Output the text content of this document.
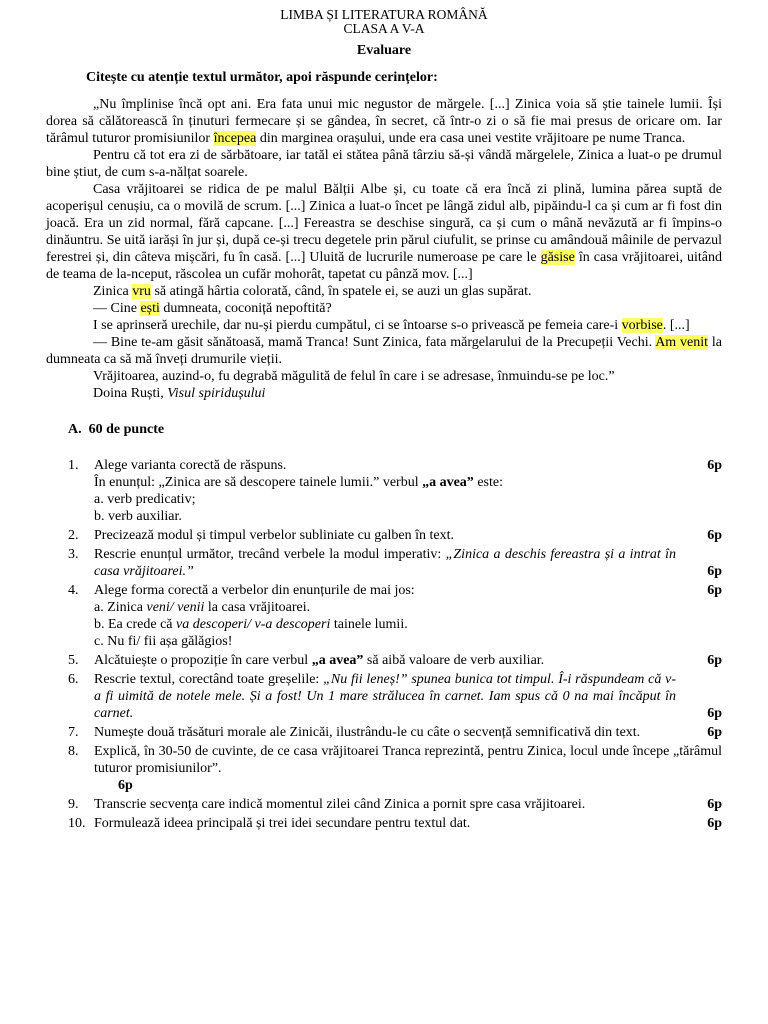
LIMBA ȘI LITERATURA ROMÂNĂ
CLASA A V-A
Evaluare
Citește cu atenție textul următor, apoi răspunde cerințelor:

„Nu împlinise încă opt ani. Era fata unui mic negustor de mărgele. [...] Zinica voia să știe tainele lumii. Își dorea să călătorească în ținuturi fermecare și se gândea, în secret, că într-o zi o să fie mai presus de oricare om. Iar tărâmul tuturor promisiunilor începea din marginea orașului, unde era casa unei vestite vrăjitoare pe nume Tranca.

Pentru că tot era zi de sărbătoare, iar tatăl ei stătea până târziu să-și vândă mărgelele, Zinica a luat-o pe drumul bine știut, de cum s-a-nălțat soarele.

Casa vrăjitoarei se ridica de pe malul Bălții Albe și, cu toate că era încă zi plină, lumina părea suptă de acoperișul cenușiu, ca o movilă de scrum. [...] Zinica a luat-o încet pe lângă zidul alb, pipăindu-l ca și cum ar fi fost din joacă. Era un zid normal, fără capcane. [...] Fereastra se deschise singură, ca și cum o mână nevăzută ar fi împins-o dinăuntru. Se uită iarăși în jur și, după ce-și trecu degetele prin părul ciufulit, se prinse cu amândouă mâinile de pervazul ferestrei și, din câteva mișcări, fu în casă. [...] Uluită de lucrurile numeroase pe care le găsise în casa vrăjitoarei, uitând de teama de la-nceput, răscolea un cufăr mohorât, tapetat cu pânză mov. [...]

Zinica vru să atingă hârtia colorată, când, în spatele ei, se auzi un glas supărat.

— Cine ești dumneata, coconiță nepoftită?

I se aprinseră urechile, dar nu-și pierdu cumpătul, ci se întoarse s-o privească pe femeia care-i vorbise. [...]

— Bine te-am găsit sănătoasă, mamă Tranca! Sunt Zinica, fata mărgelarului de la Precupeții Vechi. Am venit la dumneata ca să mă înveți drumurile vieții.

Vrăjitoarea, auzind-o, fu degrabă măgulită de felul în care i se adresase, înmuindu-se pe loc.”

Doina Ruști, Visul spiridușului

A. 60 de puncte
1.	Alege varianta corectă de răspuns.
În enunțul: „Zinica are să descopere tainele lumii.” verbul „a avea” este:
a. verb predicativ;
b. verb auxiliar.
6p
2.	Precizează modul și timpul verbelor subliniate cu galben în text.	6p
3.	Rescrie enunțul următor, trecând verbele la modul imperativ: „Zinica a deschis fereastra și a intrat în casa vrăjitoarei.”	6p
4.	Alege forma corectă a verbelor din enunțurile de mai jos:
a. Zinica veni/ venii la casa vrăjitoarei.
b. Ea crede că va descoperi/ v-a descoperi tainele lumii.
c. Nu fi/ fii așa gălăgios!
6p
5.	Alcătuiește o propoziție în care verbul „a avea” să aibă valoare de verb auxiliar.	6p
6.	Rescrie textul, corectând toate greșelile: „Nu fii leneș!” spunea bunica tot timpul. Î-i răspundeam că v-a fi uimită de notele mele. Și a fost! Un 1 mare strălucea în carnet. Iam spus că 0 na mai încăput în carnet.	6p
7.	Numește două trăsături morale ale Zinicăi, ilustrându-le cu câte o secvență semnificativă din text.	6p
8.	Explică, în 30-50 de cuvinte, de ce casa vrăjitoarei Tranca reprezintă, pentru Zinica, locul unde începe „tărâmul tuturor promisiunilor”.
6p
9.	Transcrie secvența care indică momentul zilei când Zinica a pornit spre casa vrăjitoarei.	6p
10. Formulează ideea principală și trei idei secundare pentru textul dat.	6p
